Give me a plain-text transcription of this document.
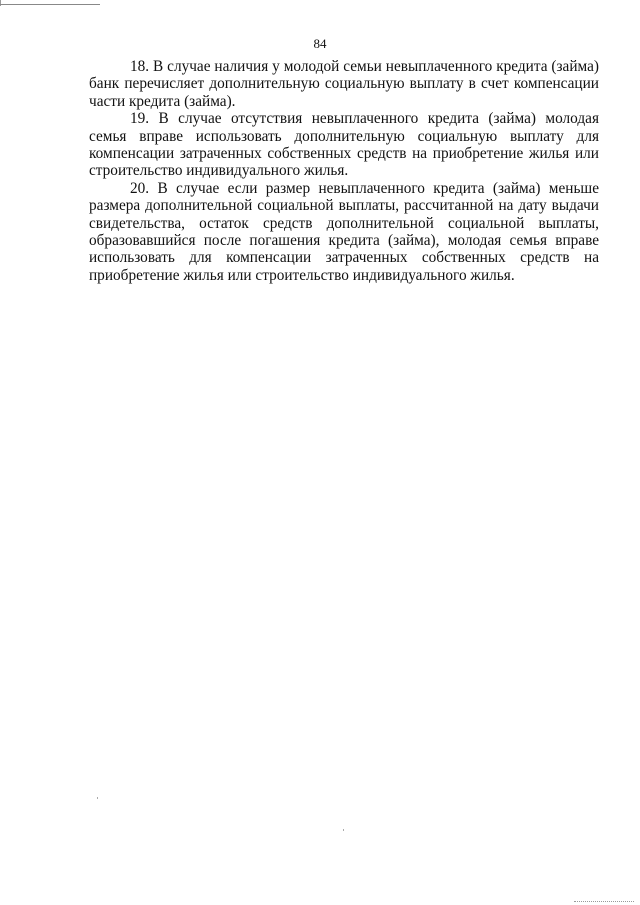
84

18. В случае наличия у молодой семьи невыплаченного кредита (займа) банк перечисляет дополнительную социальную выплату в счет компенсации части кредита (займа).

19. В случае отсутствия невыплаченного кредита (займа) молодая семья вправе использовать дополнительную социальную выплату для компенсации затраченных собственных средств на приобретение жилья или строительство индивидуального жилья.

20. В случае если размер невыплаченного кредита (займа) меньше размера дополнительной социальной выплаты, рассчитанной на дату выдачи свидетельства, остаток средств дополнительной социальной выплаты, образовавшийся после погашения кредита (займа), молодая семья вправе использовать для компенсации затраченных собственных средств на приобретение жилья или строительство индивидуального жилья.
